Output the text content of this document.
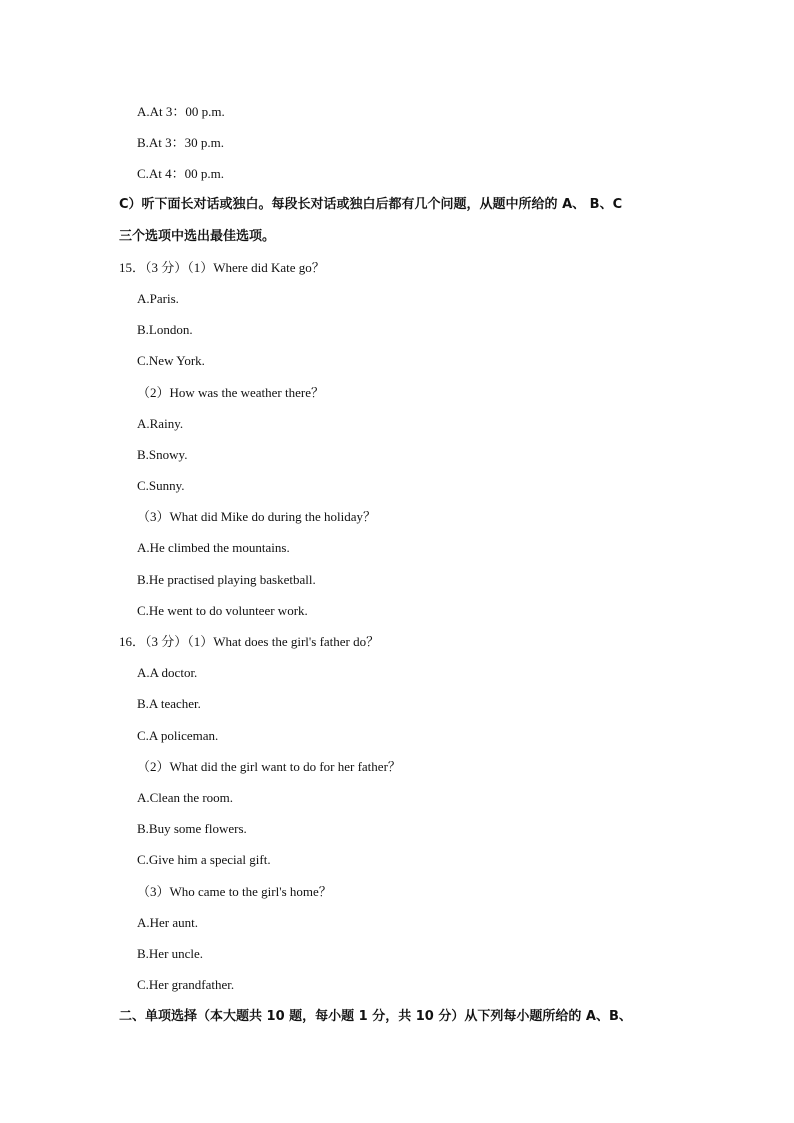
A.At 3：00 p.m.
B.At 3：30 p.m.
C.At 4：00 p.m.
C）听下面长对话或独白。每段长对话或独白后都有几个问题，从题中所给的 A、 B、C
三个选项中选出最佳选项。
15．（3 分）（1）Where did Kate go？
A.Paris.
B.London.
C.New York.
（2）How was the weather there？
A.Rainy.
B.Snowy.
C.Sunny.
（3）What did Mike do during the holiday？
A.He climbed the mountains.
B.He practised playing basketball.
C.He went to do volunteer work.
16．（3 分）（1）What does the girl's father do？
A.A doctor.
B.A teacher.
C.A policeman.
（2）What did the girl want to do for her father？
A.Clean the room.
B.Buy some flowers.
C.Give him a special gift.
（3）Who came to the girl's home？
A.Her aunt.
B.Her uncle.
C.Her grandfather.
二、单项选择（本大题共 10 题，每小题 1 分，共 10 分）从下列每小题所给的 A、B、
